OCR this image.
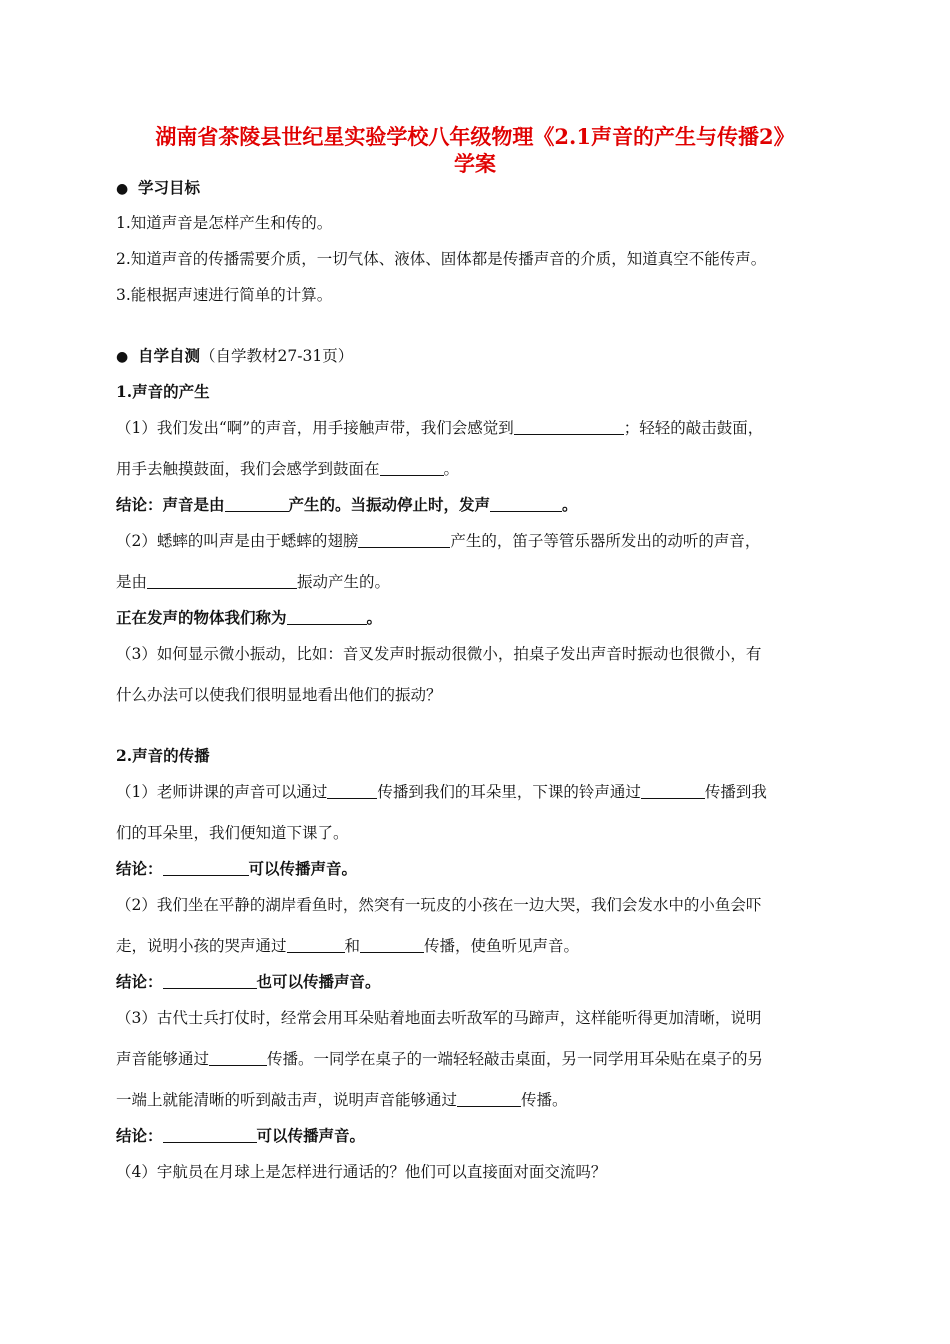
湖南省茶陵县世纪星实验学校八年级物理《2.1声音的产生与传播2》
学案
● 学习目标
1.知道声音是怎样产生和传的。
2.知道声音的传播需要介质，一切气体、液体、固体都是传播声音的介质，知道真空不能传声。
3.能根据声速进行简单的计算。
● 自学自测（自学教材27-31页）
1.声音的产生
（1）我们发出“啊”的声音，用手接触声带，我们会感觉到	；轻轻的敲击鼓面，
用手去触摸鼓面，我们会感学到鼓面在	。
结论：声音是由	产生的。当振动停止时，发声	。
（2）蟋蟀的叫声是由于蟋蟀的翅膀	产生的，笛子等管乐器所发出的动听的声音，
是由	振动产生的。
正在发声的物体我们称为	。
（3）如何显示微小振动，比如：音叉发声时振动很微小，拍桌子发出声音时振动也很微小，有
什么办法可以使我们很明显地看出他们的振动？
2.声音的传播
（1）老师讲课的声音可以通过	传播到我们的耳朵里，下课的铃声通过	传播到我
们的耳朵里，我们便知道下课了。
结论：	可以传播声音。
（2）我们坐在平静的湖岸看鱼时，然突有一玩皮的小孩在一边大哭，我们会发水中的小鱼会吓
走，说明小孩的哭声通过	和	传播，使鱼听见声音。
结论：	也可以传播声音。
（3）古代士兵打仗时，经常会用耳朵贴着地面去听敌军的马蹄声，这样能听得更加清晰，说明
声音能够通过	传播。一同学在桌子的一端轻轻敲击桌面，另一同学用耳朵贴在桌子的另
一端上就能清晰的听到敲击声，说明声音能够通过	传播。
结论：	可以传播声音。
（4）宇航员在月球上是怎样进行通话的？他们可以直接面对面交流吗？
